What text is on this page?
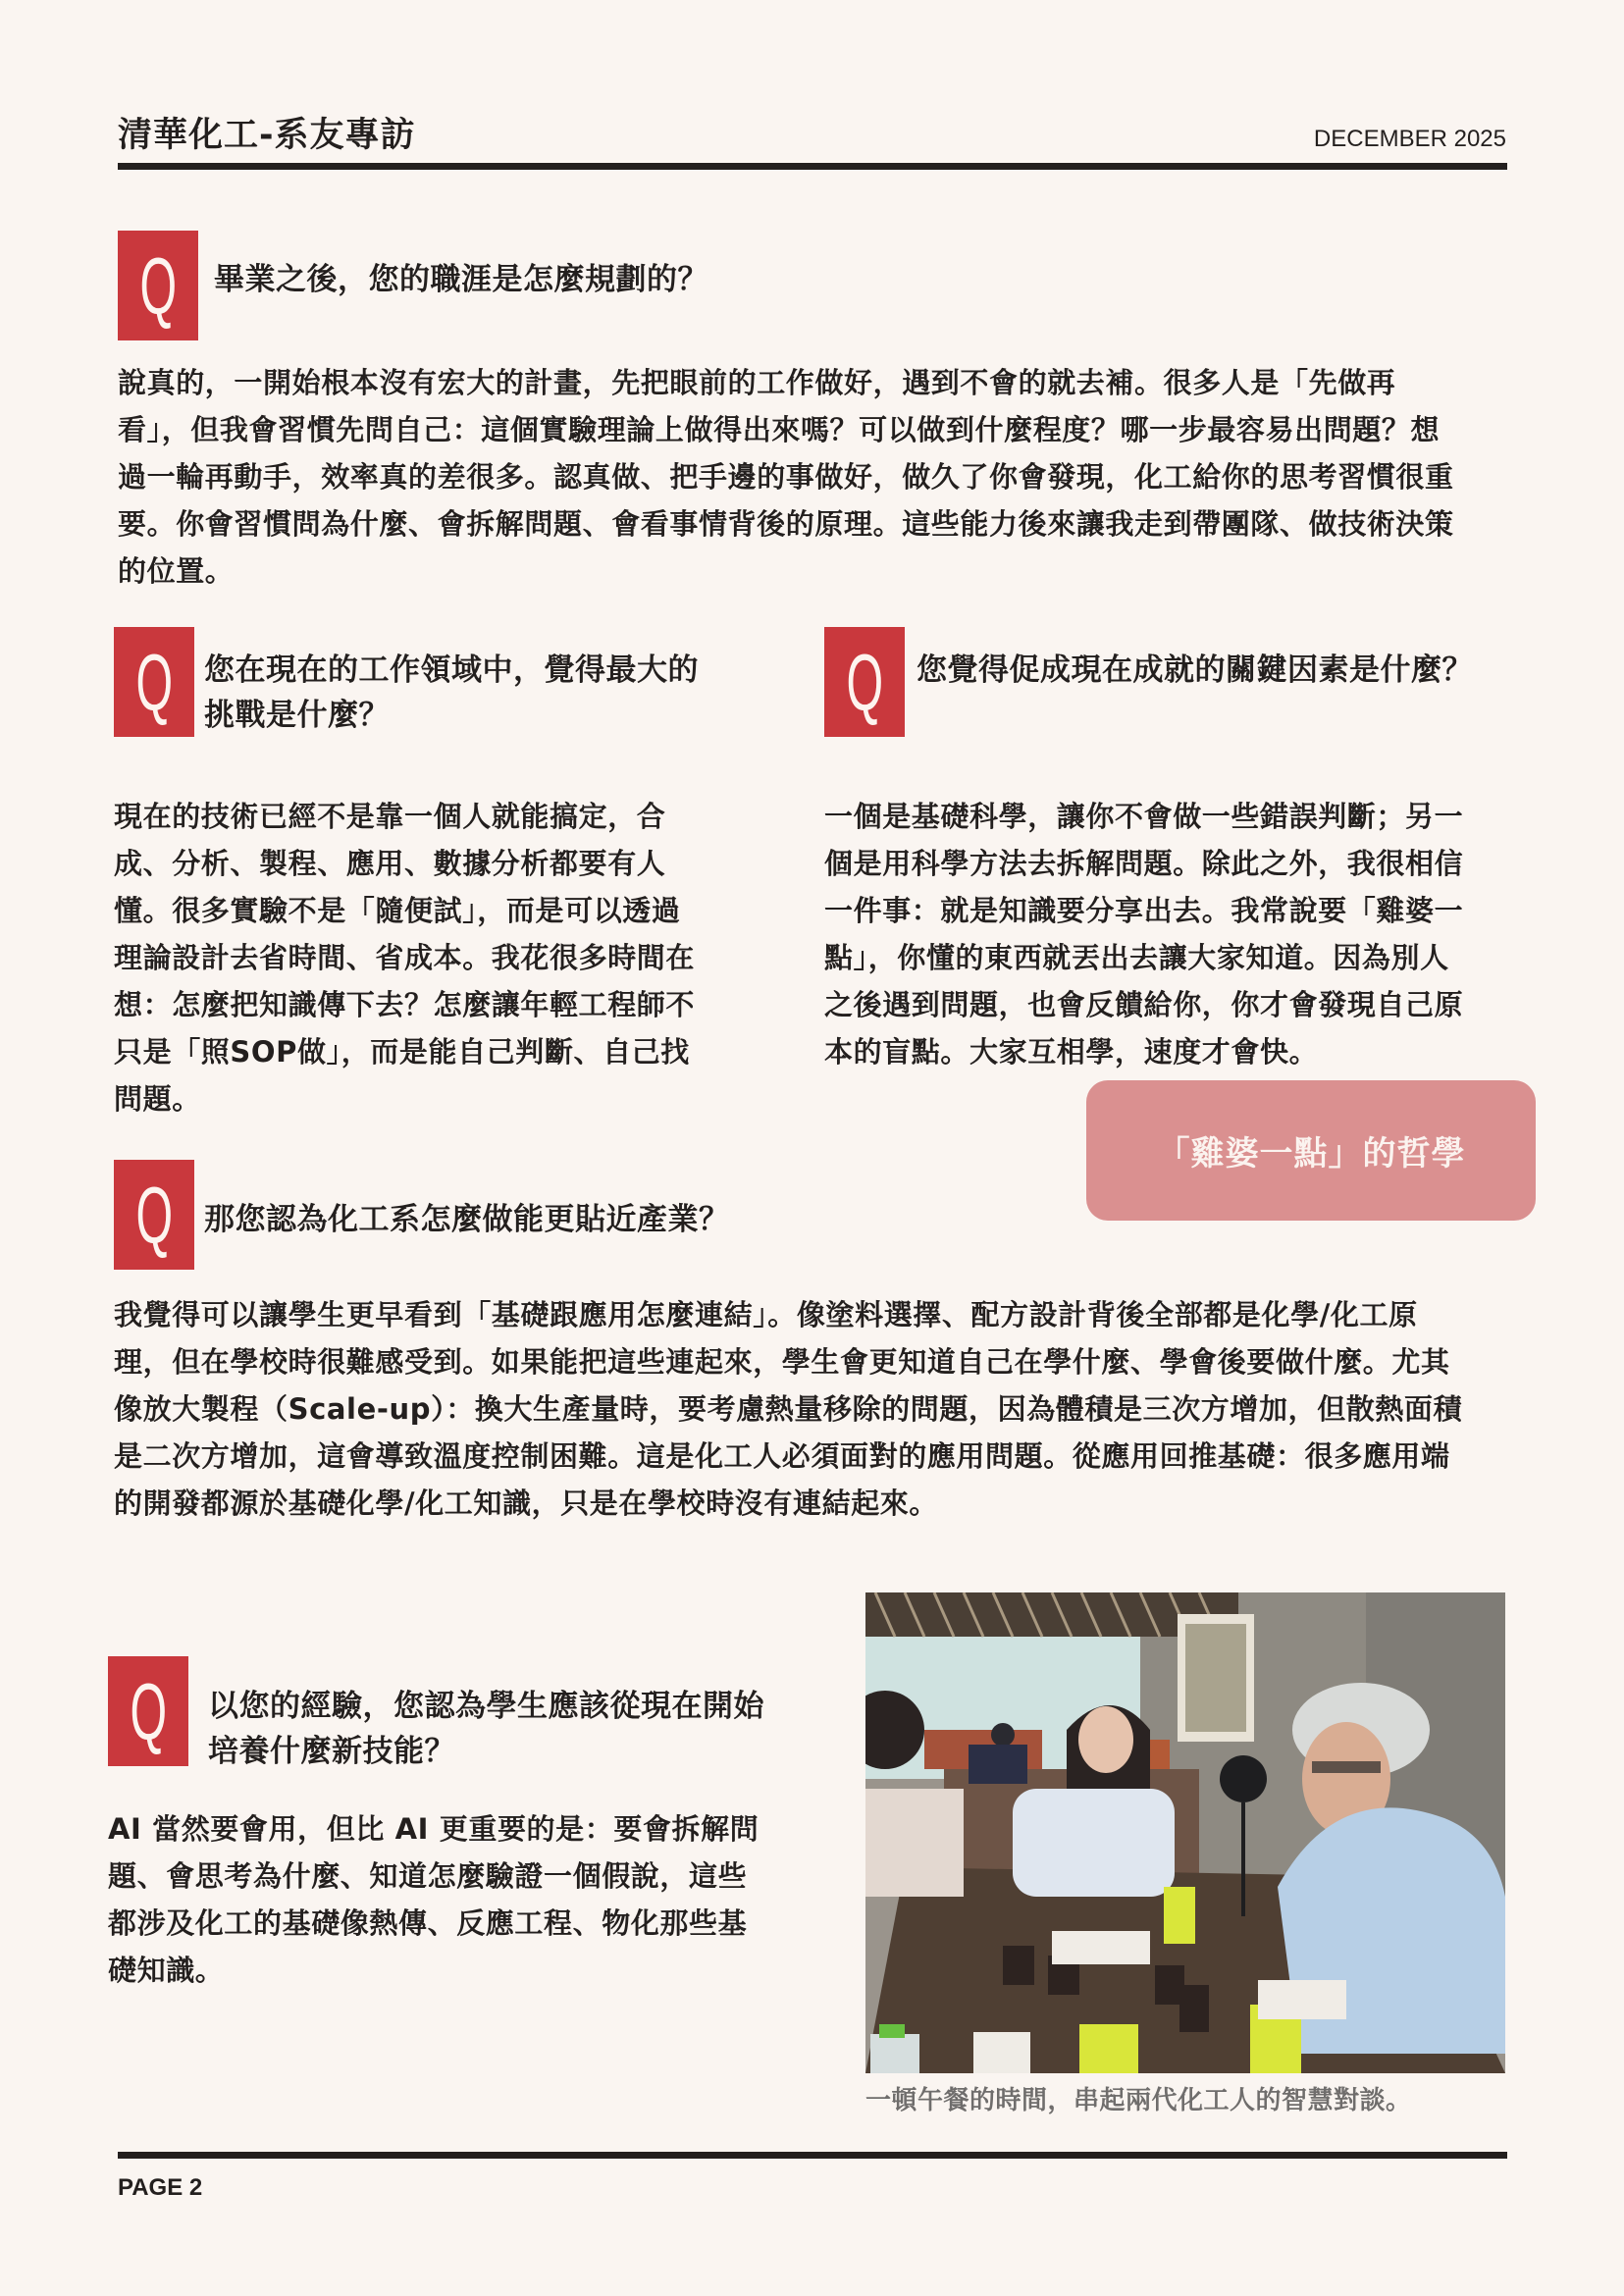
清華化工-系友專訪	DECEMBER 2025
Q 畢業之後，您的職涯是怎麼規劃的？
說真的，一開始根本沒有宏大的計畫，先把眼前的工作做好，遇到不會的就去補。很多人是「先做再
看」，但我會習慣先問自己：這個實驗理論上做得出來嗎？可以做到什麼程度？哪一步最容易出問題？想
過一輪再動手，效率真的差很多。認真做、把手邊的事做好，做久了你會發現，化工給你的思考習慣很重
要。你會習慣問為什麼、會拆解問題、會看事情背後的原理。這些能力後來讓我走到帶團隊、做技術決策
的位置。
Q 您在現在的工作領域中，覺得最大的
挑戰是什麼？
現在的技術已經不是靠一個人就能搞定，合
成、分析、製程、應用、數據分析都要有人
懂。很多實驗不是「隨便試」，而是可以透過
理論設計去省時間、省成本。我花很多時間在
想：怎麼把知識傳下去？怎麼讓年輕工程師不
只是「照SOP做」，而是能自己判斷、自己找
問題。
Q 您覺得促成現在成就的關鍵因素是什麼？
一個是基礎科學，讓你不會做一些錯誤判斷；另一
個是用科學方法去拆解問題。除此之外，我很相信
一件事：就是知識要分享出去。我常說要「雞婆一
點」，你懂的東西就丟出去讓大家知道。因為別人
之後遇到問題，也會反饋給你，你才會發現自己原
本的盲點。大家互相學，速度才會快。
「雞婆一點」的哲學
Q 那您認為化工系怎麼做能更貼近產業？
我覺得可以讓學生更早看到「基礎跟應用怎麼連結」。像塗料選擇、配方設計背後全部都是化學/化工原
理，但在學校時很難感受到。如果能把這些連起來，學生會更知道自己在學什麼、學會後要做什麼。尤其
像放大製程（Scale-up）：換大生產量時，要考慮熱量移除的問題，因為體積是三次方增加，但散熱面積
是二次方增加，這會導致溫度控制困難。這是化工人必須面對的應用問題。從應用回推基礎：很多應用端
的開發都源於基礎化學/化工知識，只是在學校時沒有連結起來。
Q 以您的經驗，您認為學生應該從現在開始
培養什麼新技能？
AI 當然要會用，但比 AI 更重要的是：要會拆解問
題、會思考為什麼、知道怎麼驗證一個假說，這些
都涉及化工的基礎像熱傳、反應工程、物化那些基
礎知識。
一頓午餐的時間，串起兩代化工人的智慧對談。
PAGE 2
